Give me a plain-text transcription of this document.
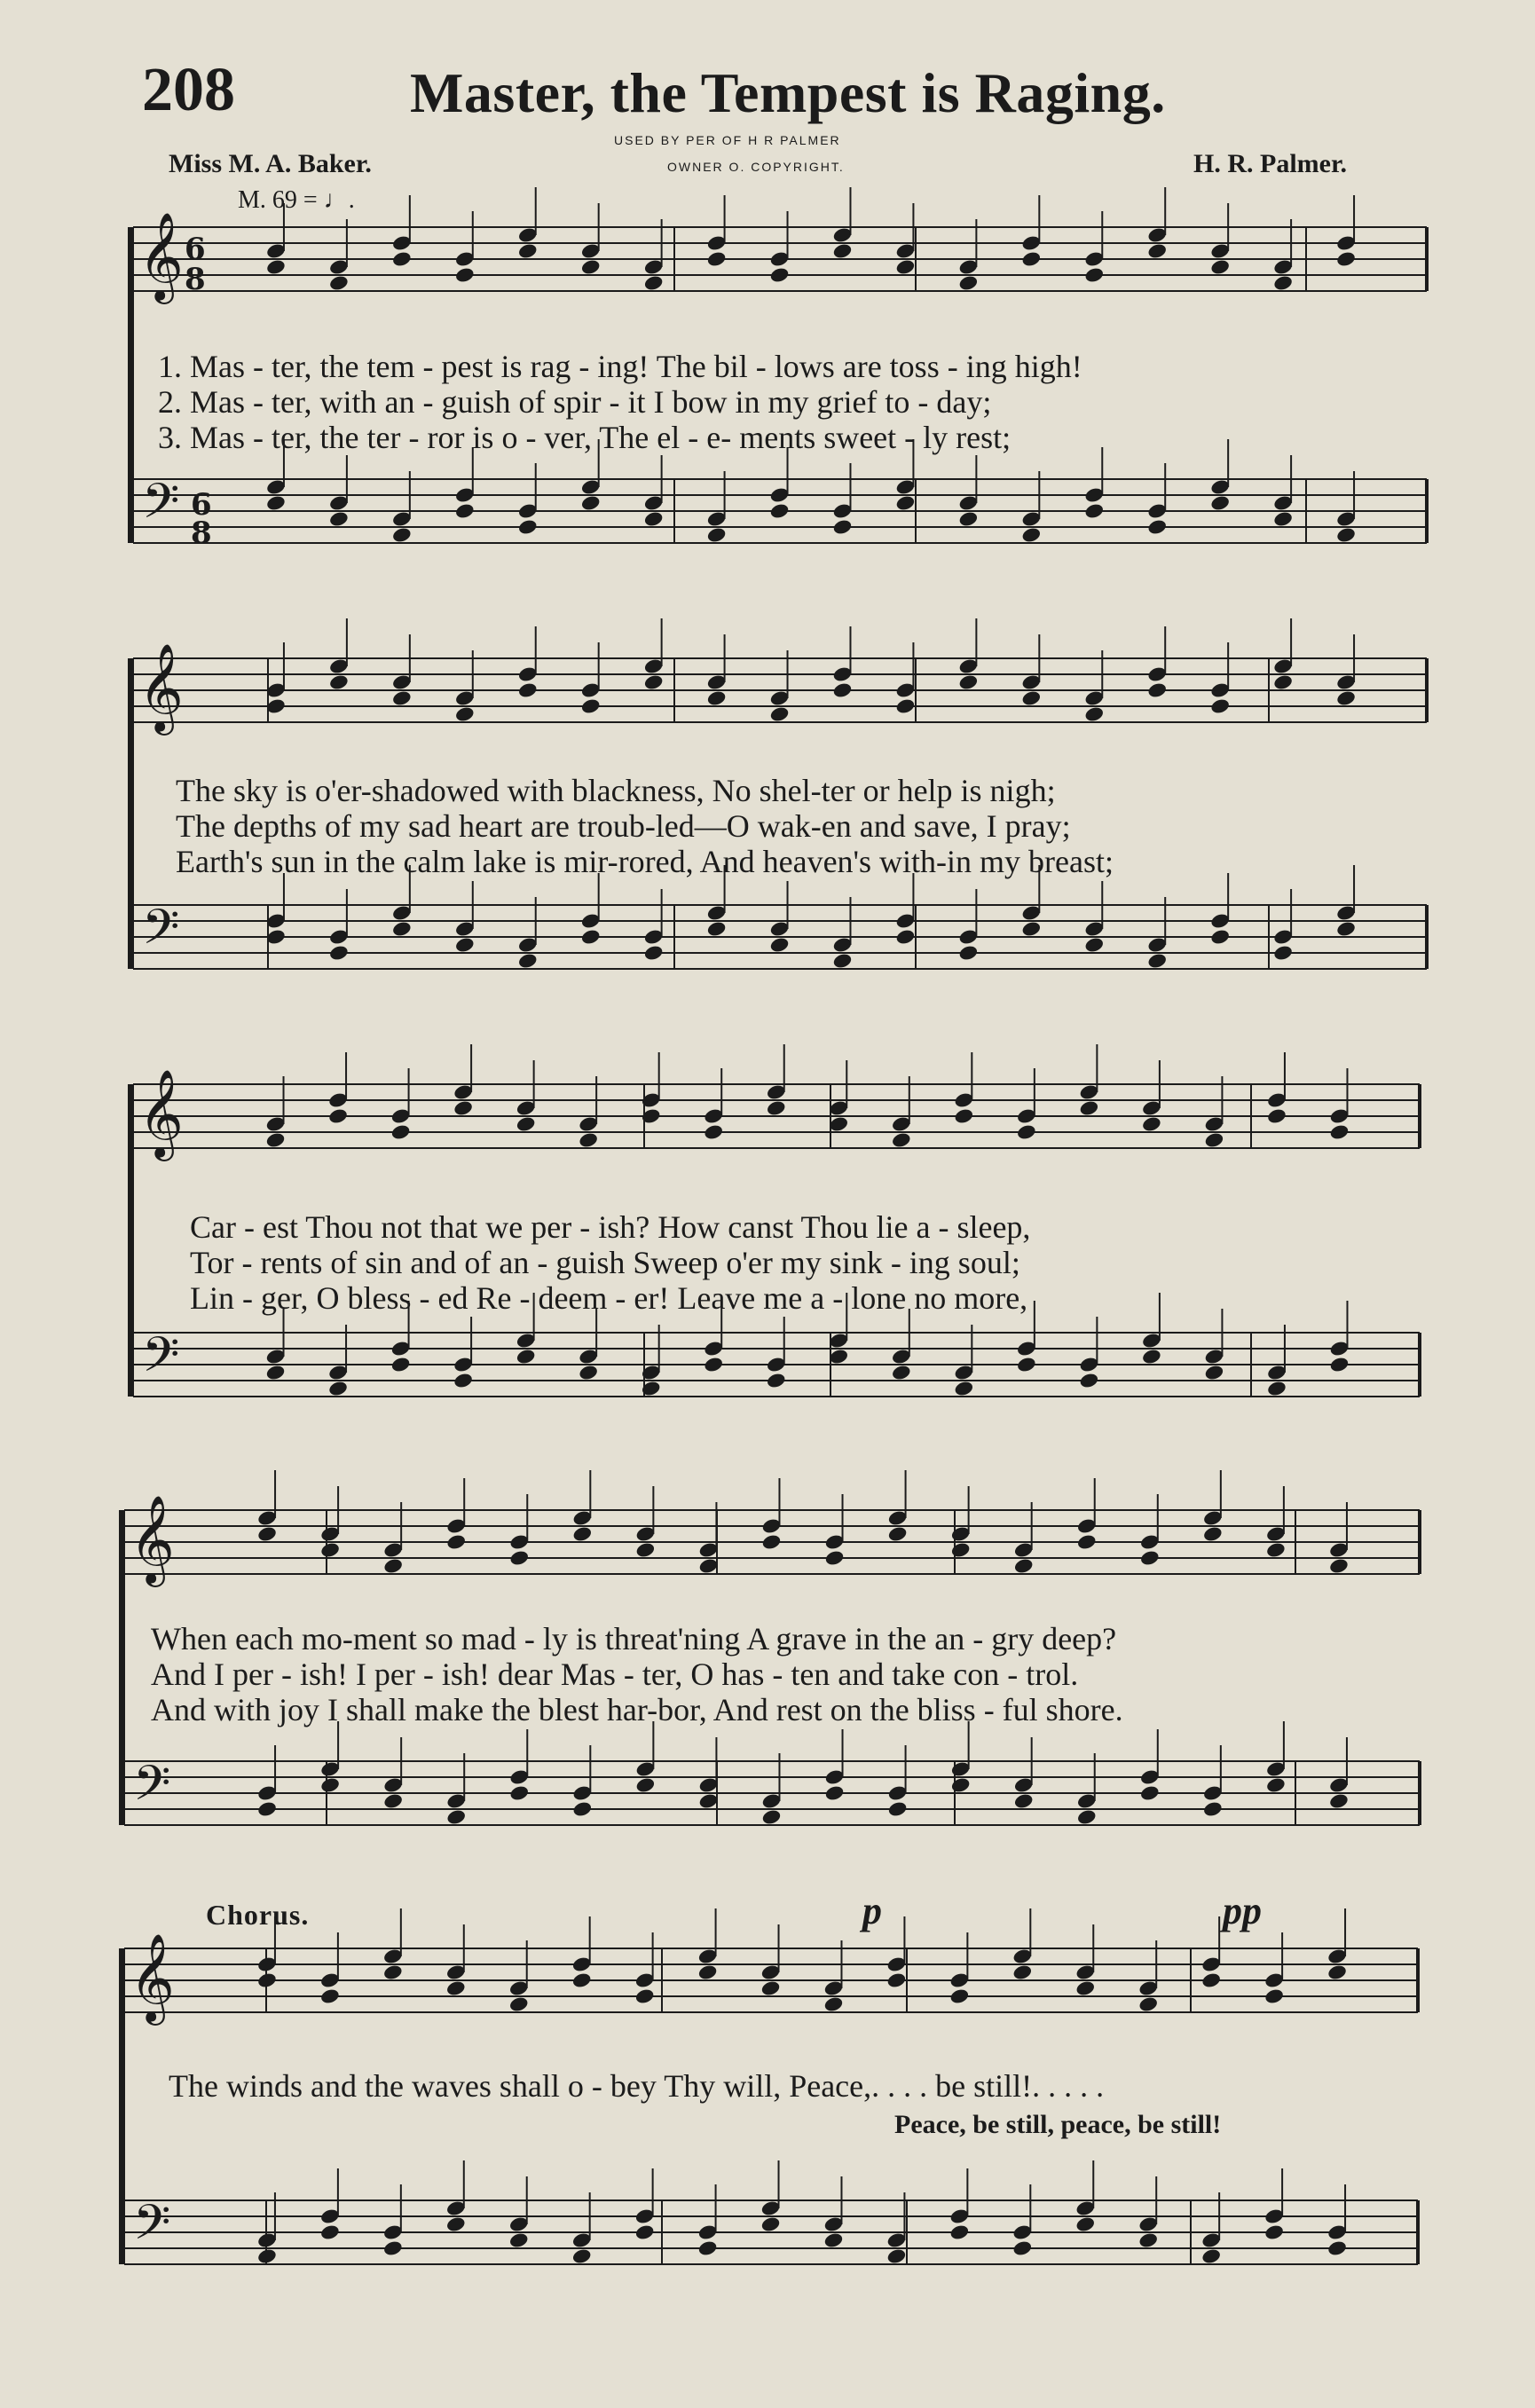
208	Master, the Tempest is Raging.
USED BY PER OF H R PALMER
OWNER O. COPYRIGHT.
Miss M. A. Baker.	H. R. Palmer.
M. 69 = ♩.
𝄞
𝄢
𝄞
𝄢
𝄞
𝄢
𝄞
𝄢
𝄞
𝄢
6
8
6
8
1. Mas - ter, the tem - pest is rag - ing! The bil - lows are toss - ing high!
2. Mas - ter, with an - guish of spir - it I bow in my grief to - day;
3. Mas - ter, the ter - ror is o - ver, The el - e- ments sweet - ly rest;
The sky is o'er-shadowed with blackness, No shel-ter or help is nigh;
The depths of my sad heart are troub-led—O wak-en and save, I pray;
Earth's sun in the calm lake is mir-rored, And heaven's with-in my breast;
Car - est Thou not that we per - ish? How canst Thou lie a - sleep,
Tor - rents of sin and of an - guish Sweep o'er my sink - ing soul;
Lin - ger, O bless - ed Re - deem - er! Leave me a - lone no more,
When each mo-ment so mad - ly is threat'ning A grave in the an - gry deep?
And I per - ish! I per - ish! dear Mas - ter, O has - ten and take con - trol.
And with joy I shall make the blest har-bor, And rest on the bliss - ful shore.
Chorus.	p	pp
The winds and the waves shall o - bey Thy will, Peace,. . . . be still!. . . . .
Peace, be still, peace, be still!
